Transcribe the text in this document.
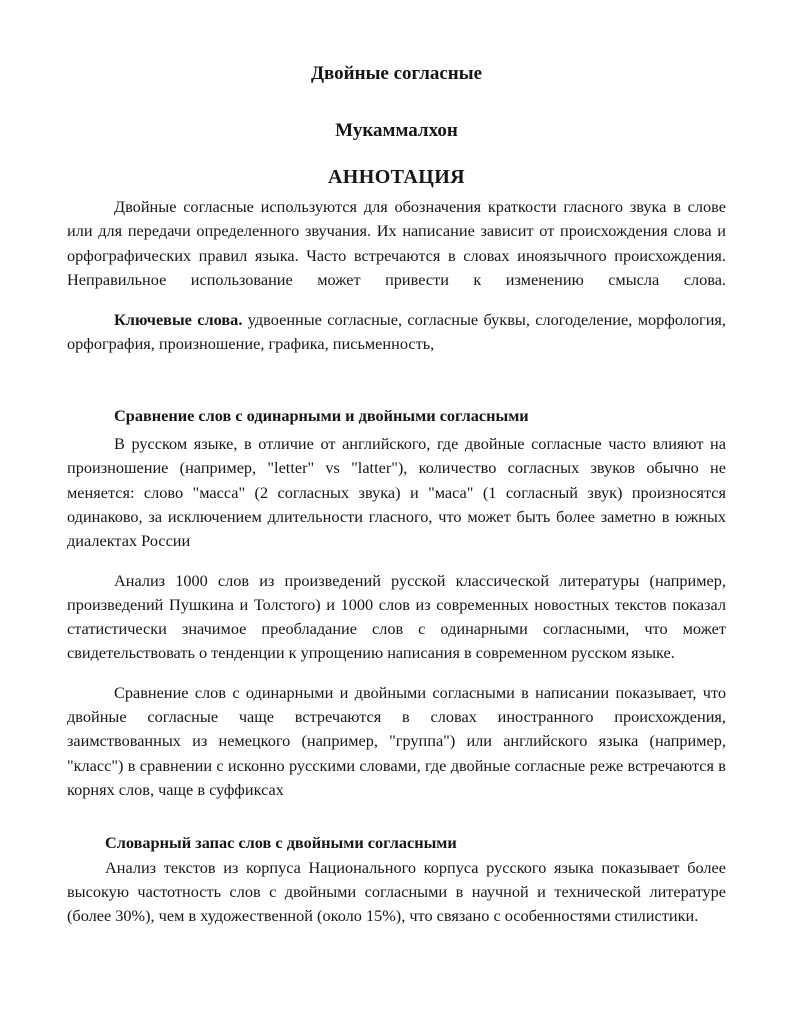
Двойные согласные
Мукаммалхон
АННОТАЦИЯ

Двойные согласные используются для обозначения краткости гласного звука в слове или для передачи определенного звучания. Их написание зависит от происхождения слова и орфографических правил языка. Часто встречаются в словах иноязычного происхождения. Неправильное использование может привести к изменению смысла слова.

Ключевые слова. удвоенные согласные, согласные буквы, слогоделение, морфология, орфография, произношение, графика, письменность,

Сравнение слов с одинарными и двойными согласными

В русском языке, в отличие от английского, где двойные согласные часто влияют на произношение (например, "letter" vs "latter"), количество согласных звуков обычно не меняется: слово "масса" (2 согласных звука) и "маса" (1 согласный звук) произносятся одинаково, за исключением длительности гласного, что может быть более заметно в южных диалектах России

Анализ 1000 слов из произведений русской классической литературы (например, произведений Пушкина и Толстого) и 1000 слов из современных новостных текстов показал статистически значимое преобладание слов с одинарными согласными, что может свидетельствовать о тенденции к упрощению написания в современном русском языке.

Сравнение слов с одинарными и двойными согласными в написании показывает, что двойные согласные чаще встречаются в словах иностранного происхождения, заимствованных из немецкого (например, "группа") или английского языка (например, "класс") в сравнении с исконно русскими словами, где двойные согласные реже встречаются в корнях слов, чаще в суффиксах

Словарный запас слов с двойными согласными

Анализ текстов из корпуса Национального корпуса русского языка показывает более высокую частотность слов с двойными согласными в научной и технической литературе (более 30%), чем в художественной (около 15%), что связано с особенностями стилистики.
